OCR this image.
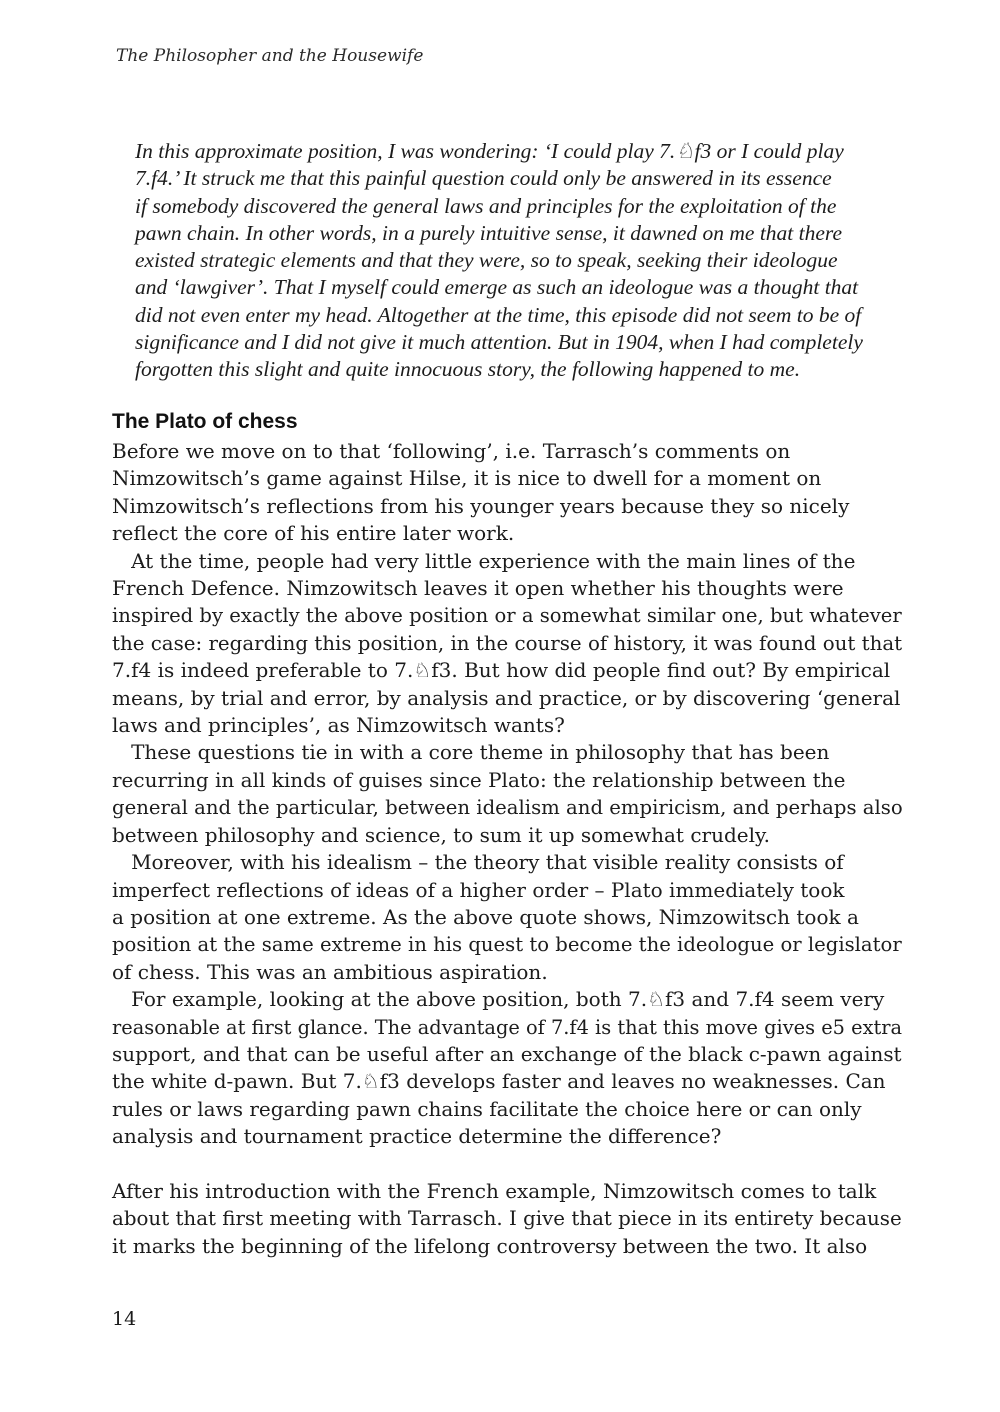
The Philosopher and the Housewife
In this approximate position, I was wondering: ‘I could play 7.♘f3 or I could play
7.f4.’ It struck me that this painful question could only be answered in its essence
if somebody discovered the general laws and principles for the exploitation of the
pawn chain. In other words, in a purely intuitive sense, it dawned on me that there
existed strategic elements and that they were, so to speak, seeking their ideologue
and ‘lawgiver’. That I myself could emerge as such an ideologue was a thought that
did not even enter my head. Altogether at the time, this episode did not seem to be of
significance and I did not give it much attention. But in 1904, when I had completely
forgotten this slight and quite innocuous story, the following happened to me.
The Plato of chess
Before we move on to that ‘following’, i.e. Tarrasch’s comments on
Nimzowitsch’s game against Hilse, it is nice to dwell for a moment on
Nimzowitsch’s reflections from his younger years because they so nicely
reflect the core of his entire later work.
At the time, people had very little experience with the main lines of the
French Defence. Nimzowitsch leaves it open whether his thoughts were
inspired by exactly the above position or a somewhat similar one, but whatever
the case: regarding this position, in the course of history, it was found out that
7.f4 is indeed preferable to 7.♘f3. But how did people find out? By empirical
means, by trial and error, by analysis and practice, or by discovering ‘general
laws and principles’, as Nimzowitsch wants?
These questions tie in with a core theme in philosophy that has been
recurring in all kinds of guises since Plato: the relationship between the
general and the particular, between idealism and empiricism, and perhaps also
between philosophy and science, to sum it up somewhat crudely.
Moreover, with his idealism – the theory that visible reality consists of
imperfect reflections of ideas of a higher order – Plato immediately took
a position at one extreme. As the above quote shows, Nimzowitsch took a
position at the same extreme in his quest to become the ideologue or legislator
of chess. This was an ambitious aspiration.
For example, looking at the above position, both 7.♘f3 and 7.f4 seem very
reasonable at first glance. The advantage of 7.f4 is that this move gives e5 extra
support, and that can be useful after an exchange of the black c-pawn against
the white d-pawn. But 7.♘f3 develops faster and leaves no weaknesses. Can
rules or laws regarding pawn chains facilitate the choice here or can only
analysis and tournament practice determine the difference?
After his introduction with the French example, Nimzowitsch comes to talk
about that first meeting with Tarrasch. I give that piece in its entirety because
it marks the beginning of the lifelong controversy between the two. It also
14
